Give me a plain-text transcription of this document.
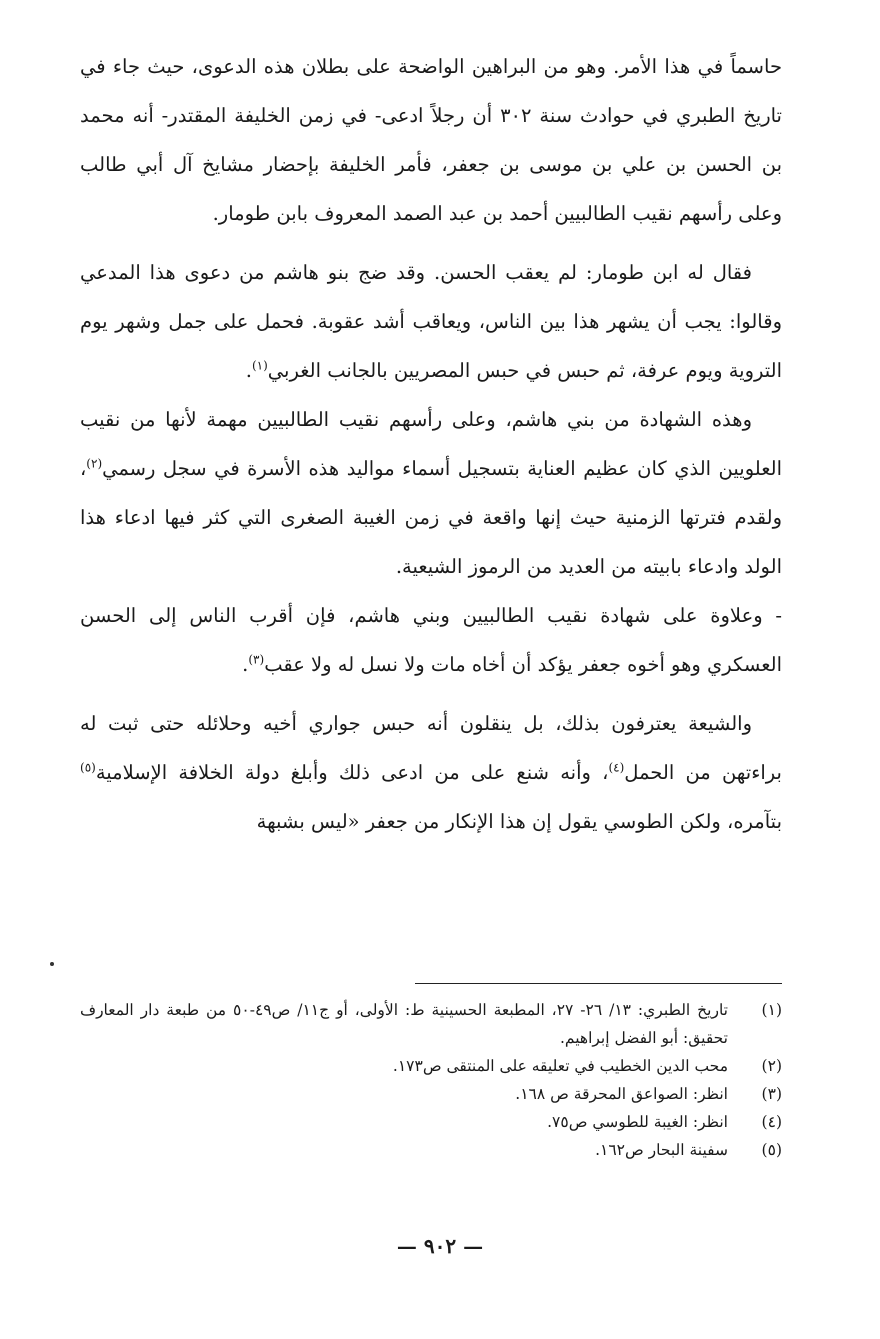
حاسماً في هذا الأمر. وهو من البراهين الواضحة على بطلان هذه الدعوى، حيث جاء في تاريخ الطبري في حوادث سنة ٣٠٢ أن رجلاً ادعى- في زمن الخليفة المقتدر- أنه محمد بن الحسن بن علي بن موسى بن جعفر، فأمر الخليفة بإحضار مشايخ آل أبي طالب وعلى رأسهم نقيب الطالبيين أحمد بن عبد الصمد المعروف بابن طومار.

فقال له ابن طومار: لم يعقب الحسن. وقد ضج بنو هاشم من دعوى هذا المدعي وقالوا: يجب أن يشهر هذا بين الناس، ويعاقب أشد عقوبة. فحمل على جمل وشهر يوم التروية ويوم عرفة، ثم حبس في حبس المصريين بالجانب الغربي$^{(١)}$.

وهذه الشهادة من بني هاشم، وعلى رأسهم نقيب الطالبيين مهمة لأنها من نقيب العلويين الذي كان عظيم العناية بتسجيل أسماء مواليد هذه الأسرة في سجل رسمي$^{(٢)}$، ولقدم فترتها الزمنية حيث إنها واقعة في زمن الغيبة الصغرى التي كثر فيها ادعاء هذا الولد وادعاء بابيته من العديد من الرموز الشيعية.

- وعلاوة على شهادة نقيب الطالبيين وبني هاشم، فإن أقرب الناس إلى الحسن العسكري وهو أخوه جعفر يؤكد أن أخاه مات ولا نسل له ولا عقب$^{(٣)}$.

والشيعة يعترفون بذلك، بل ينقلون أنه حبس جواري أخيه وحلائله حتى ثبت له براءتهن من الحمل$^{(٤)}$، وأنه شنع على من ادعى ذلك وأبلغ دولة الخلافة الإسلامية$^{(٥)}$ بتآمره، ولكن الطوسي يقول إن هذا الإنكار من جعفر «ليس بشبهة

(١)
تاريخ الطبري: ١٣/ ٢٦- ٢٧، المطبعة الحسينية ط: الأولى، أو ج١١/ ص٤٩-٥٠ من طبعة دار المعارف تحقيق: أبو الفضل إبراهيم.
(٢)
محب الدين الخطيب في تعليقه على المنتقى ص١٧٣.
(٣)
انظر: الصواعق المحرقة ص ١٦٨.
(٤)
انظر: الغيبة للطوسي ص٧٥.
(٥)
سفينة البحار ص١٦٢.
— ٩٠٢ —
